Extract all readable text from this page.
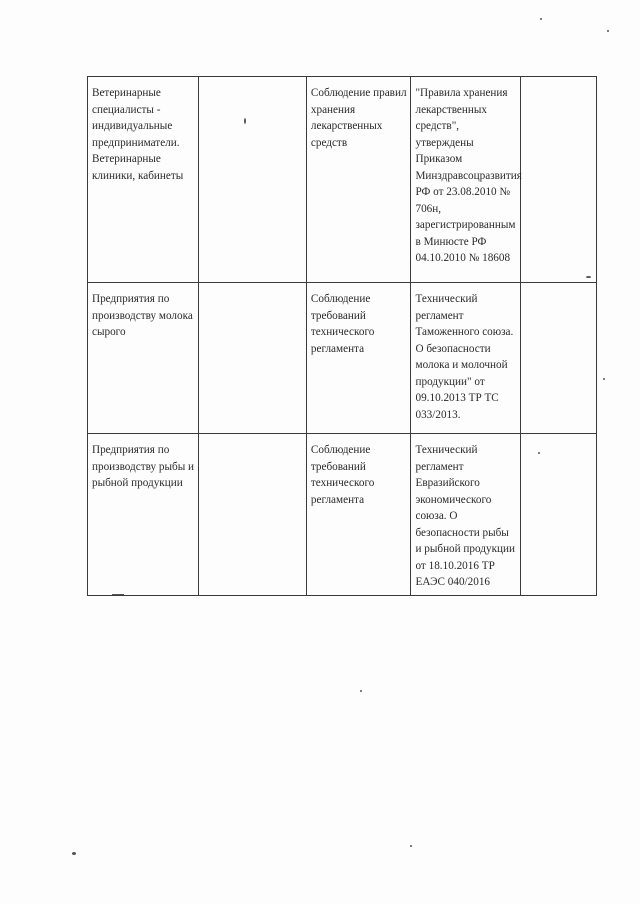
Ветеринарные специалисты - индивидуальные предприниматели. Ветеринарные клиники, кабинеты		Соблюдение правил хранения лекарственных средств	"Правила хранения лекарственных средств", утверждены Приказом Минздравсоцразвития РФ от 23.08.2010 № 706н, зарегистрированным в Минюсте РФ 04.10.2010 № 18608	
Предприятия по производству молока сырого		Соблюдение требований технического регламента	Технический регламент Таможенного союза. О безопасности молока и молочной продукции" от 09.10.2013 ТР ТС 033/2013.	
Предприятия по производству рыбы и рыбной продукции		Соблюдение требований технического регламента	Технический регламент Евразийского экономического союза. О безопасности рыбы и рыбной продукции от 18.10.2016 ТР ЕАЭС 040/2016	
